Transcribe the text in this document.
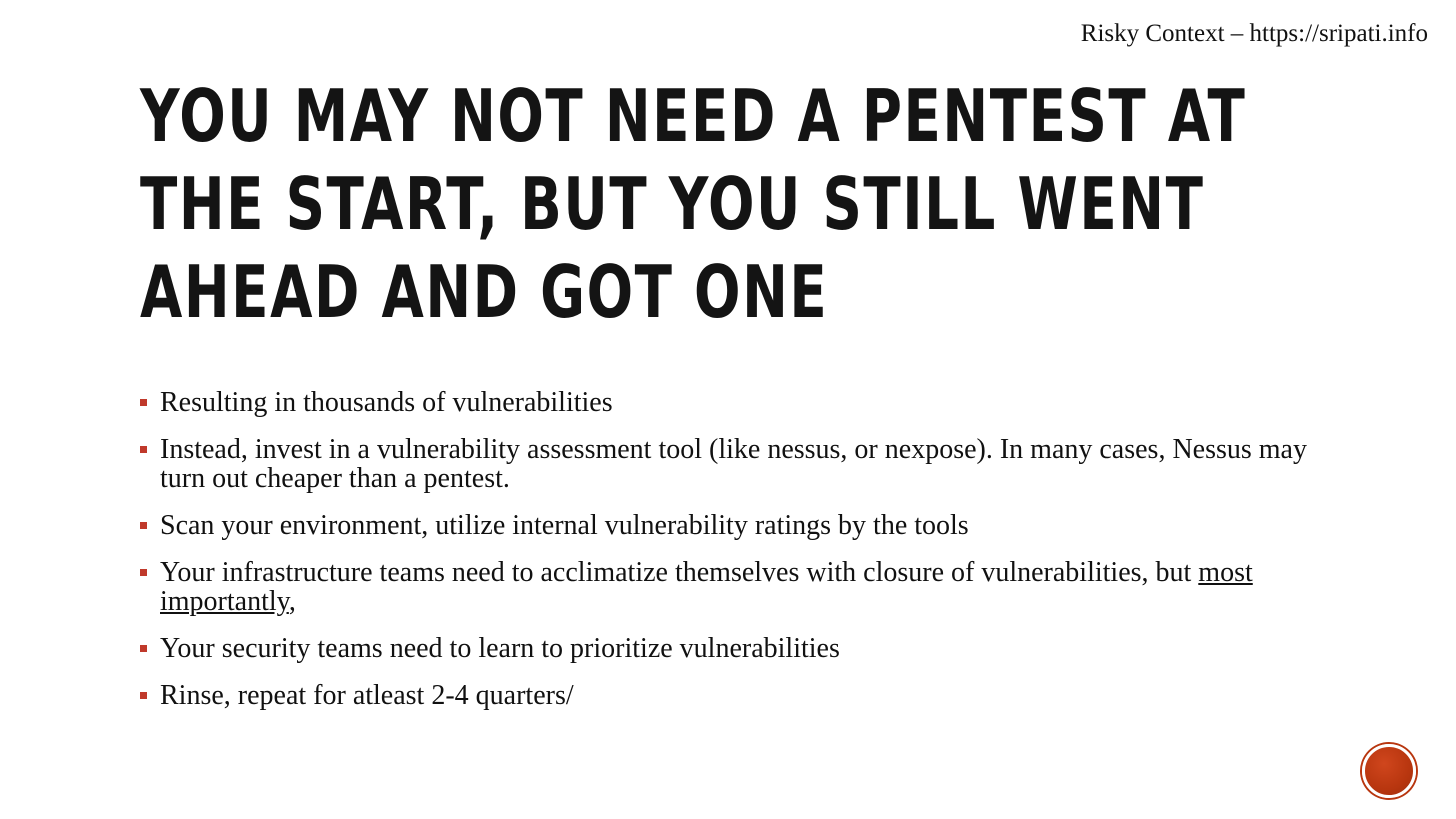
Risky Context – https://sripati.info
YOU MAY NOT NEED A PENTEST AT THE START, BUT YOU STILL WENT AHEAD AND GOT ONE
Resulting in thousands of vulnerabilities
Instead, invest in a vulnerability assessment tool (like nessus, or nexpose). In many cases, Nessus may turn out cheaper than a pentest.
Scan your environment, utilize internal vulnerability ratings by the tools
Your infrastructure teams need to acclimatize themselves with closure of vulnerabilities, but most importantly,
Your security teams need to learn to prioritize vulnerabilities
Rinse, repeat for atleast 2-4 quarters/
